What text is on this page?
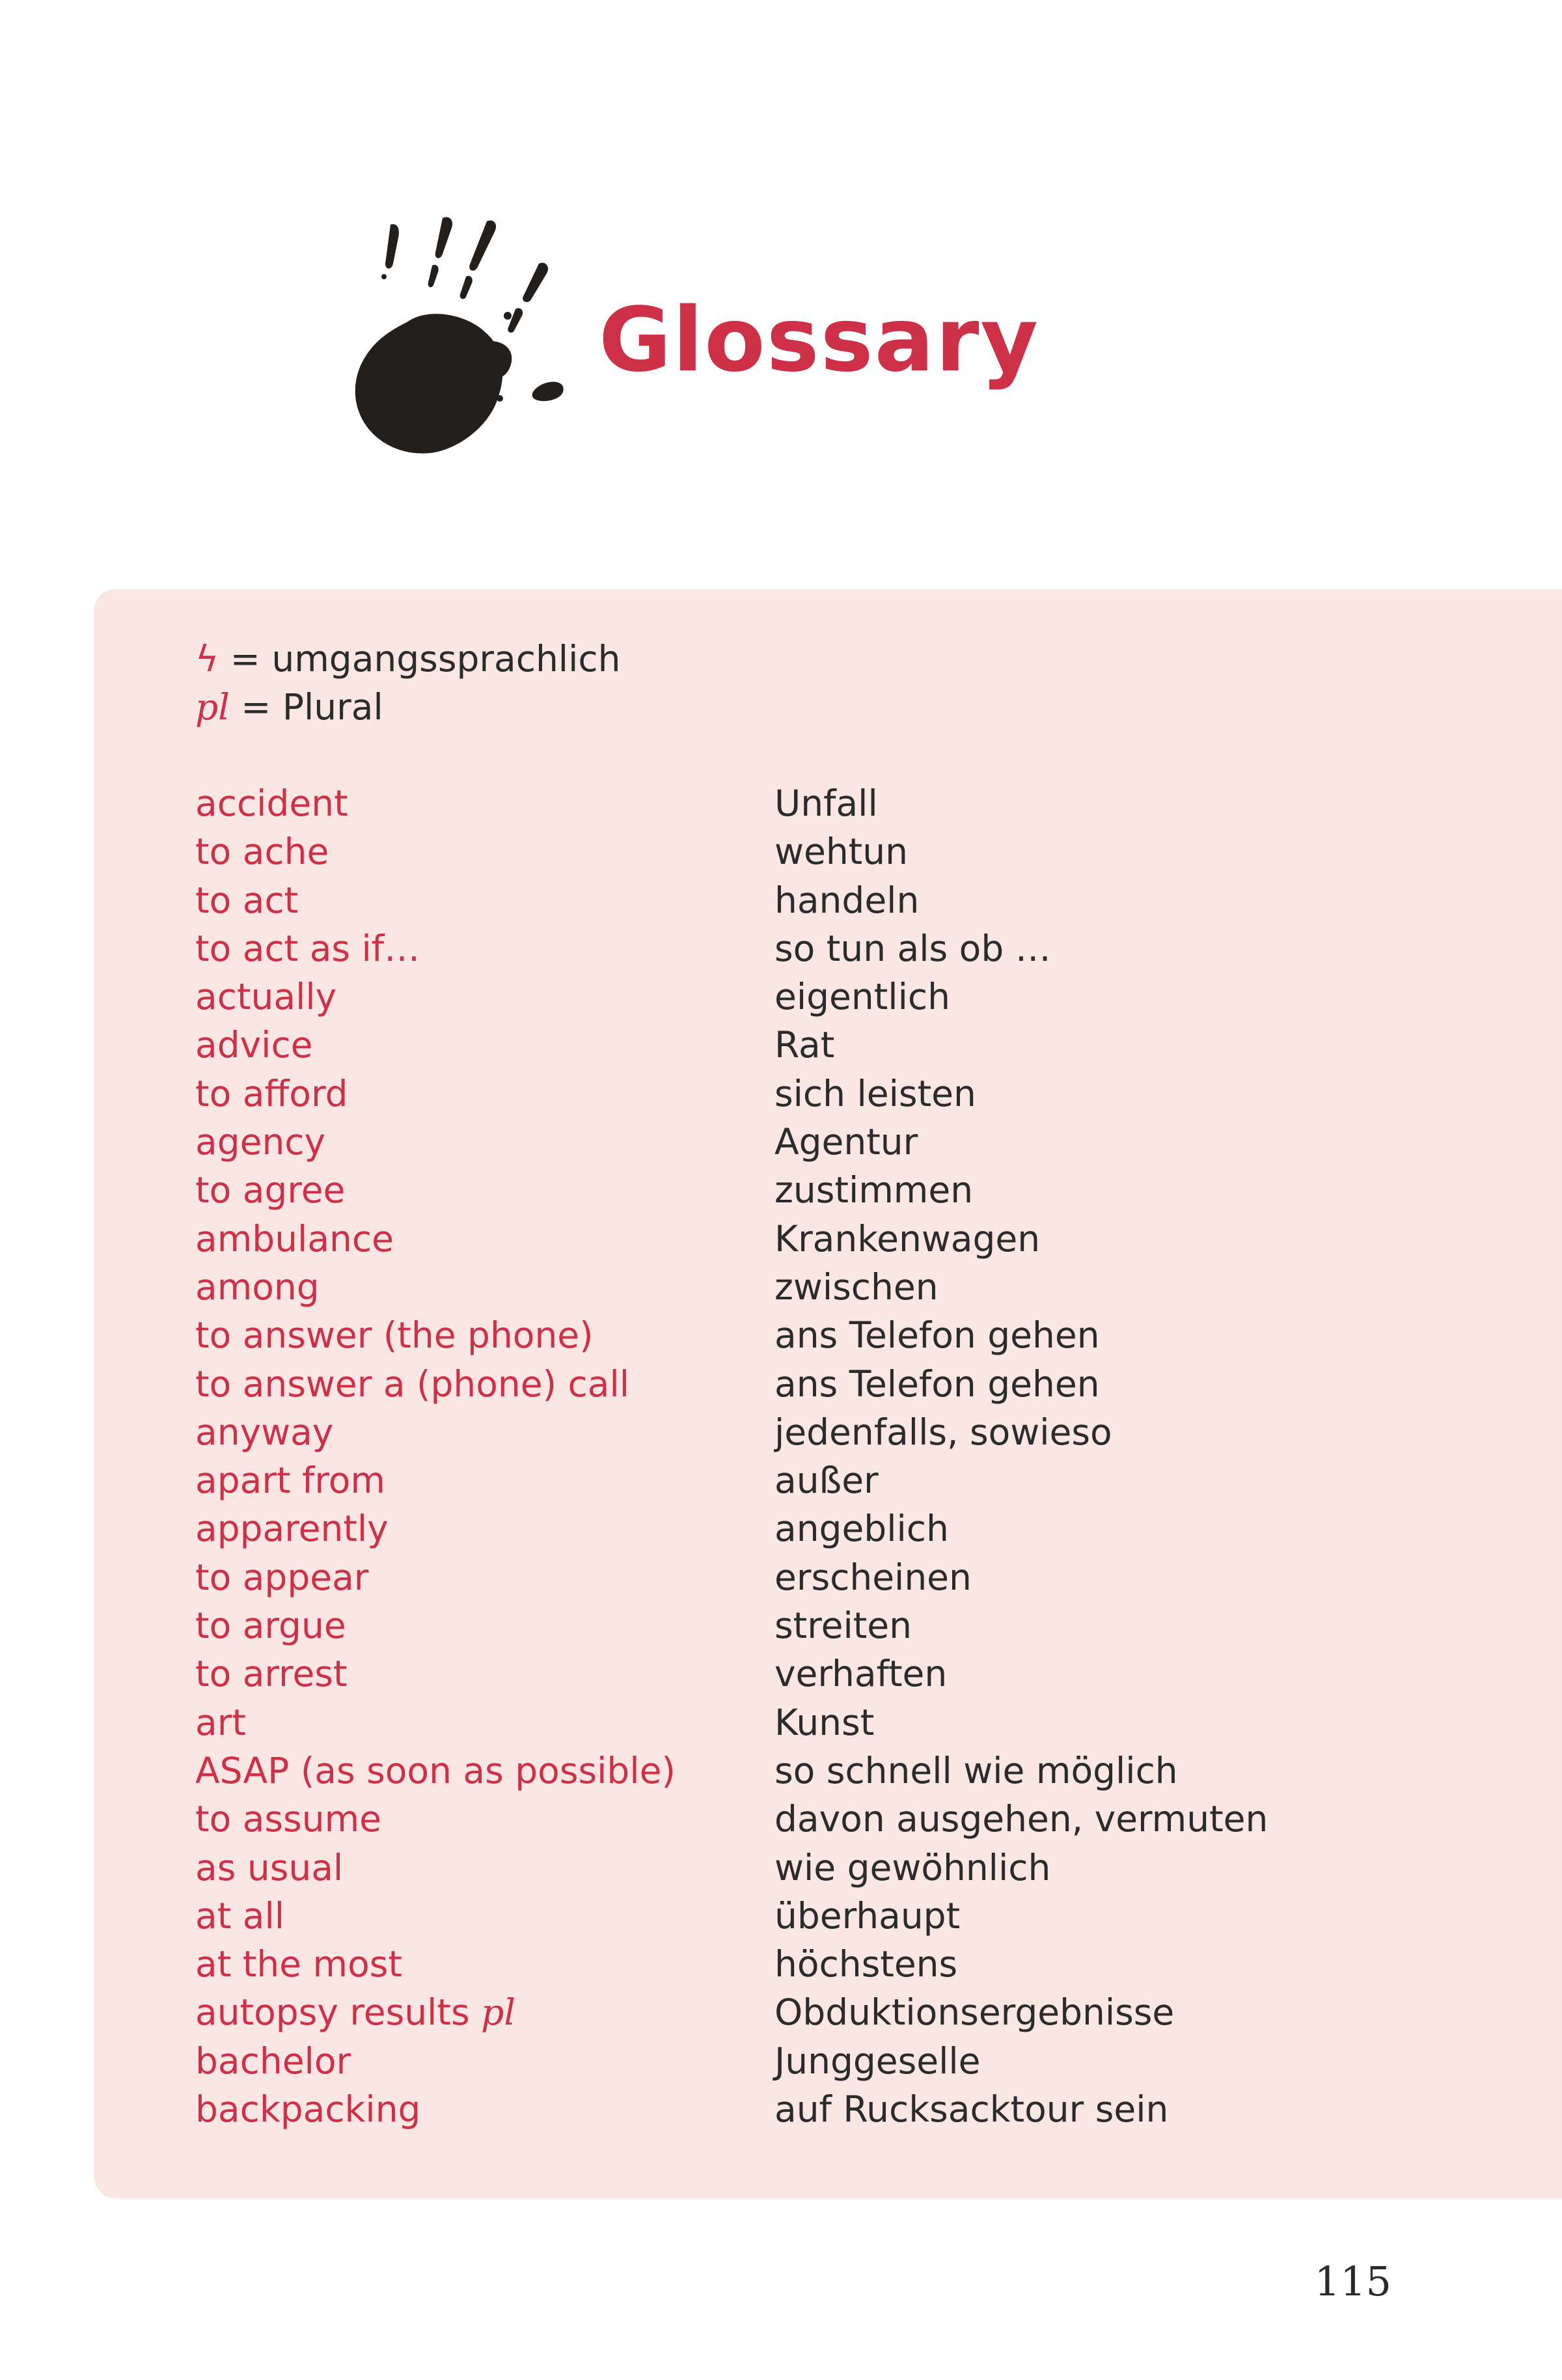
Glossary
ϟ = umgangssprachlich
pl = Plural
accident	Unfall
to ache	wehtun
to act	handeln
to act as if…	so tun als ob …
actually	eigentlich
advice	Rat
to afford	sich leisten
agency	Agentur
to agree	zustimmen
ambulance	Krankenwagen
among	zwischen
to answer (the phone)	ans Telefon gehen
to answer a (phone) call	ans Telefon gehen
anyway	jedenfalls, sowieso
apart from	außer
apparently	angeblich
to appear	erscheinen
to argue	streiten
to arrest	verhaften
art	Kunst
ASAP (as soon as possible)	so schnell wie möglich
to assume	davon ausgehen, vermuten
as usual	wie gewöhnlich
at all	überhaupt
at the most	höchstens
autopsy results pl	Obduktionsergebnisse
bachelor	Junggeselle
backpacking	auf Rucksacktour sein
115
